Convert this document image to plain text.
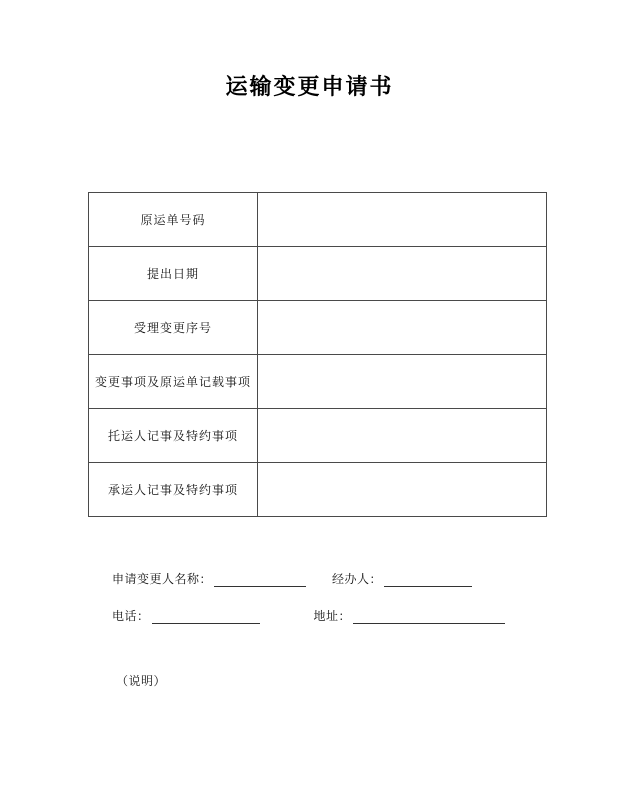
运输变更申请书
原运单号码	
提出日期	
受理变更序号	
变更事项及原运单记载事项	
托运人记事及特约事项	
承运人记事及特约事项	
申请变更人名称：	经办人：
电话：	地址：
（说明）
